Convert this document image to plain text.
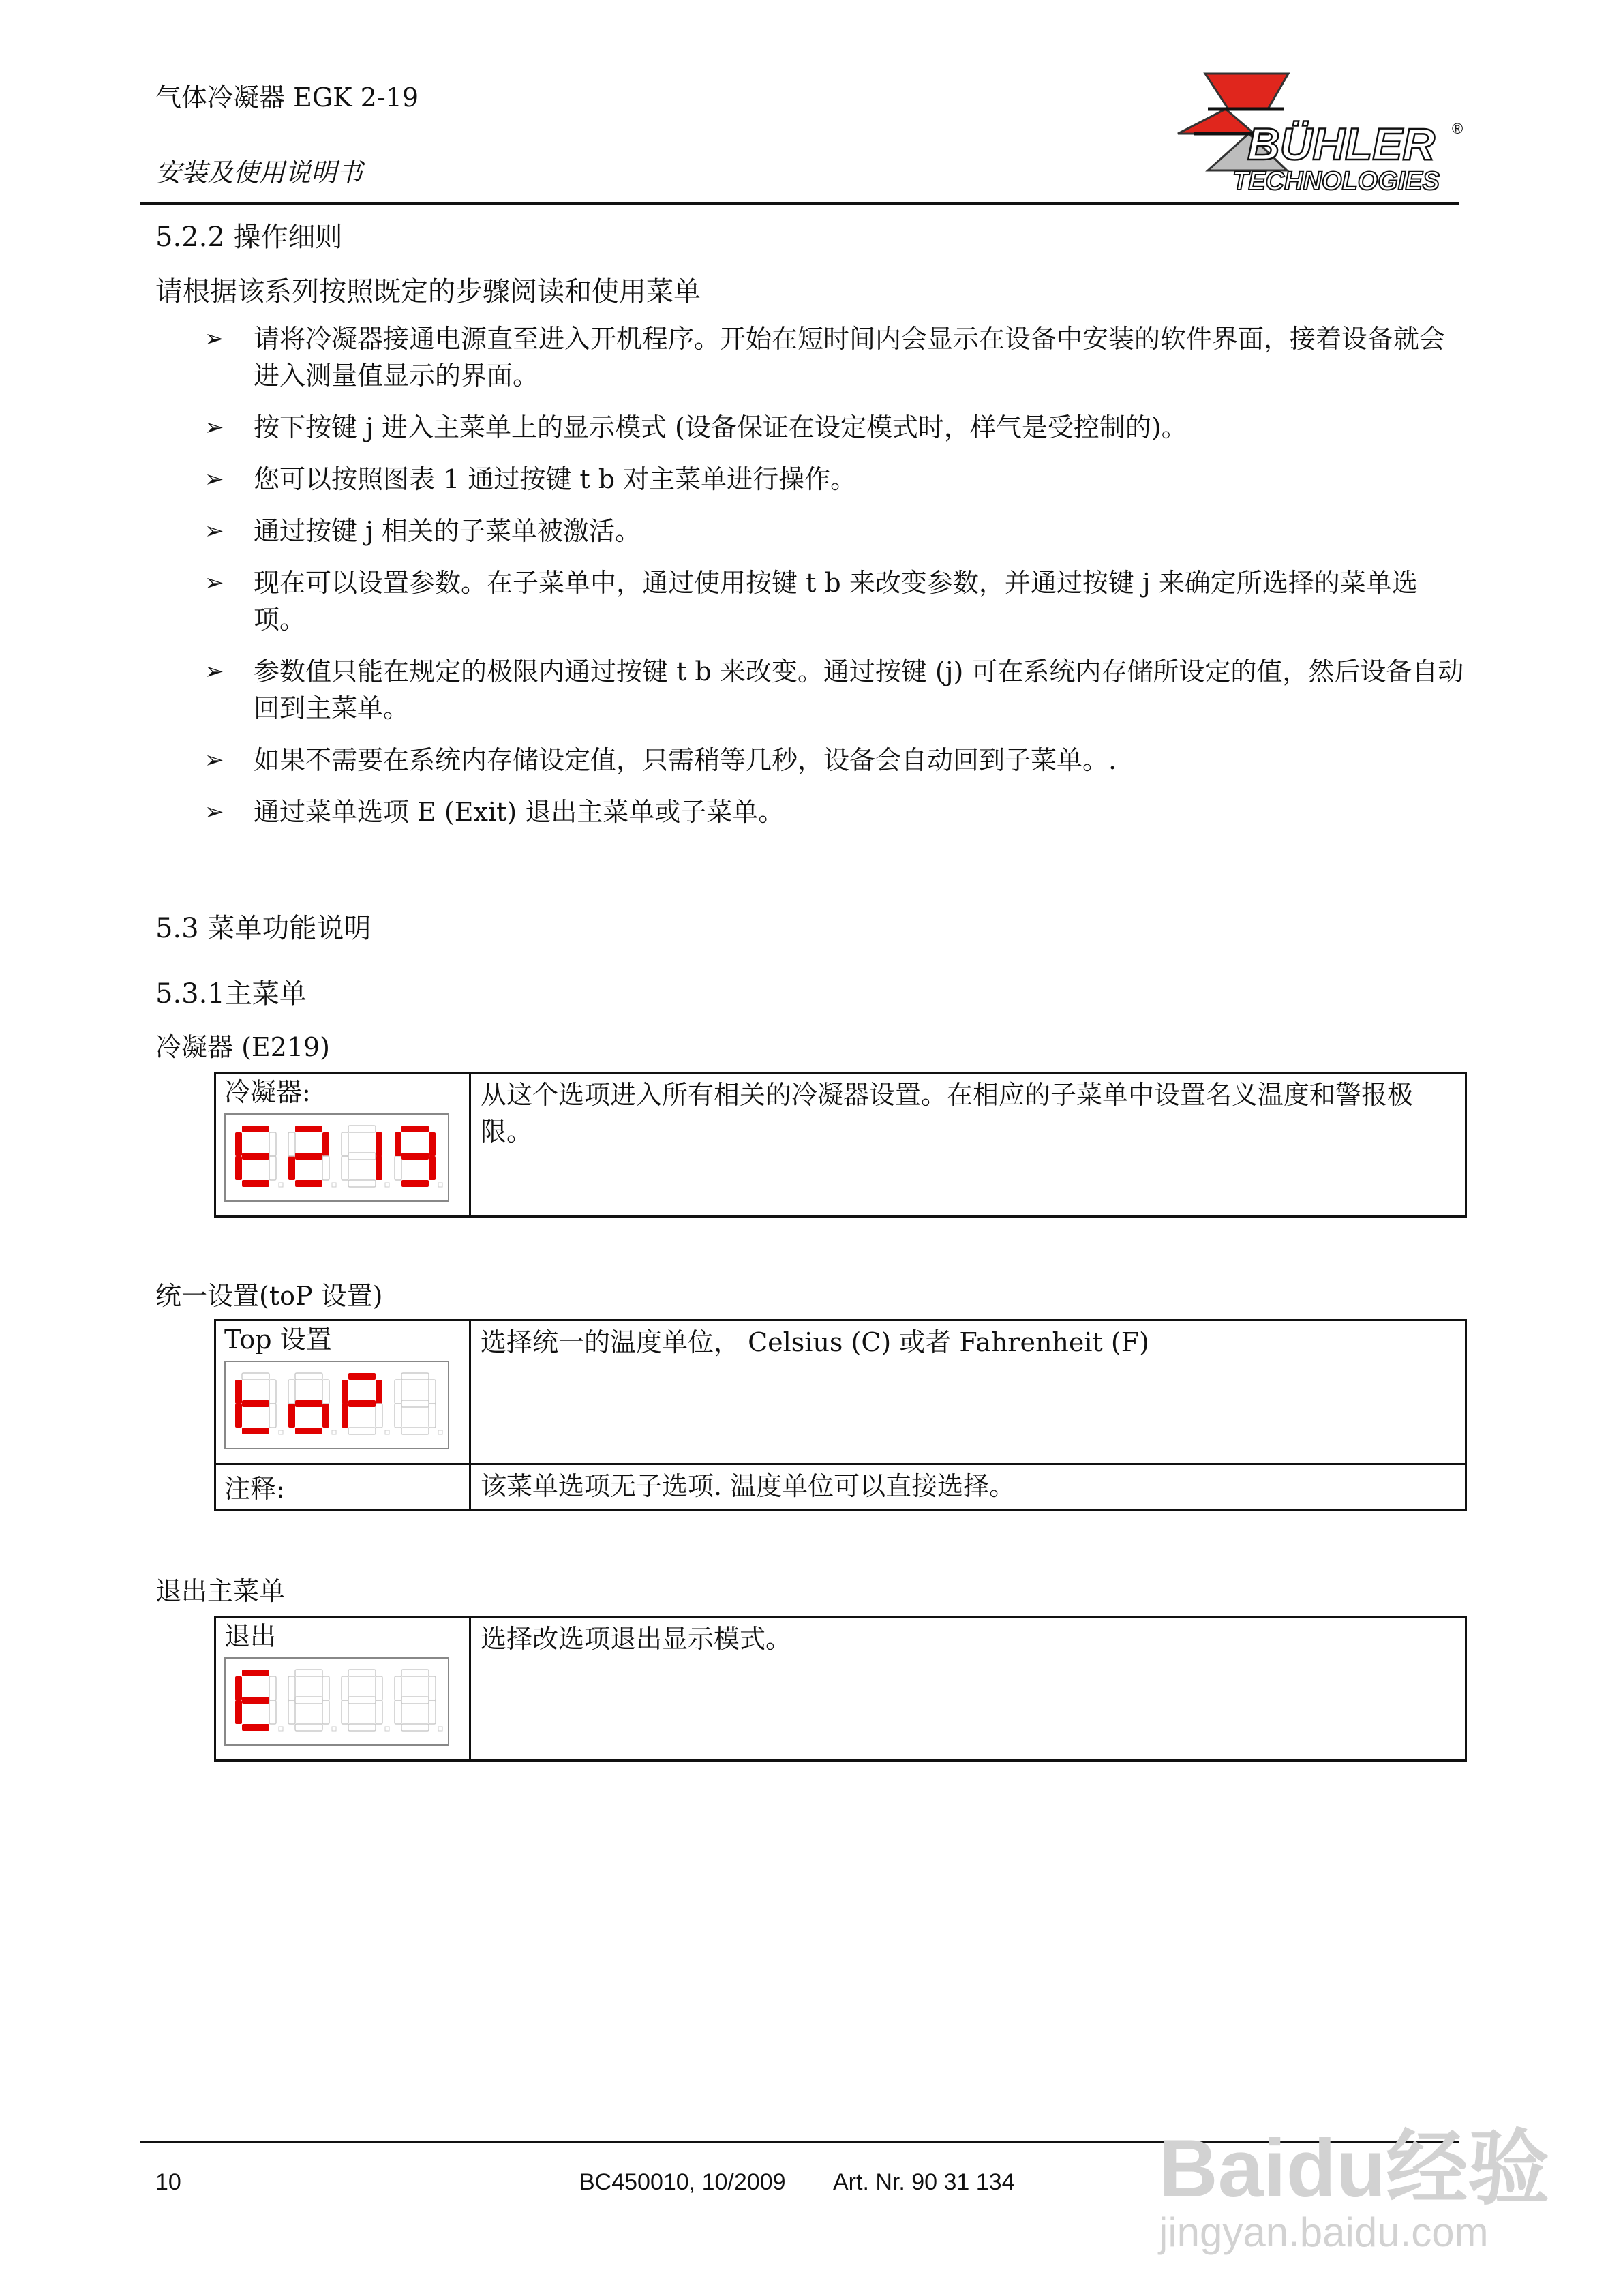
气体冷凝器 EGK 2-19
安装及使用说明书
BÜHLER ®
TECHNOLOGIES
5.2.2 操作细则
请根据该系列按照既定的步骤阅读和使用菜单
➢ 请将冷凝器接通电源直至进入开机程序。开始在短时间内会显示在设备中安装的软件界面，接着设备就会进入测量值显示的界面。
➢ 按下按键 j 进入主菜单上的显示模式 (设备保证在设定模式时，样气是受控制的)。
➢ 您可以按照图表 1 通过按键 t b 对主菜单进行操作。
➢ 通过按键 j 相关的子菜单被激活。
➢ 现在可以设置参数。在子菜单中，通过使用按键 t b 来改变参数，并通过按键 j 来确定所选择的菜单选项。
➢ 参数值只能在规定的极限内通过按键 t b 来改变。通过按键 (j) 可在系统内存储所设定的值，然后设备自动回到主菜单。
➢ 如果不需要在系统内存储设定值，只需稍等几秒，设备会自动回到子菜单。.
➢ 通过菜单选项 E (Exit) 退出主菜单或子菜单。
5.3 菜单功能说明
5.3.1主菜单
冷凝器 (E219)
冷凝器:	从这个选项进入所有相关的冷凝器设置。在相应的子菜单中设置名义温度和警报极限。
统一设置(toP 设置)
Top 设置	选择统一的温度单位， Celsius (C) 或者 Fahrenheit (F)
注释:	该菜单选项无子选项. 温度单位可以直接选择。
退出主菜单
退出	选择改选项退出显示模式。
10	BC450010, 10/2009 Art. Nr. 90 31 134 Baidu经验
jingyan.baidu.com
